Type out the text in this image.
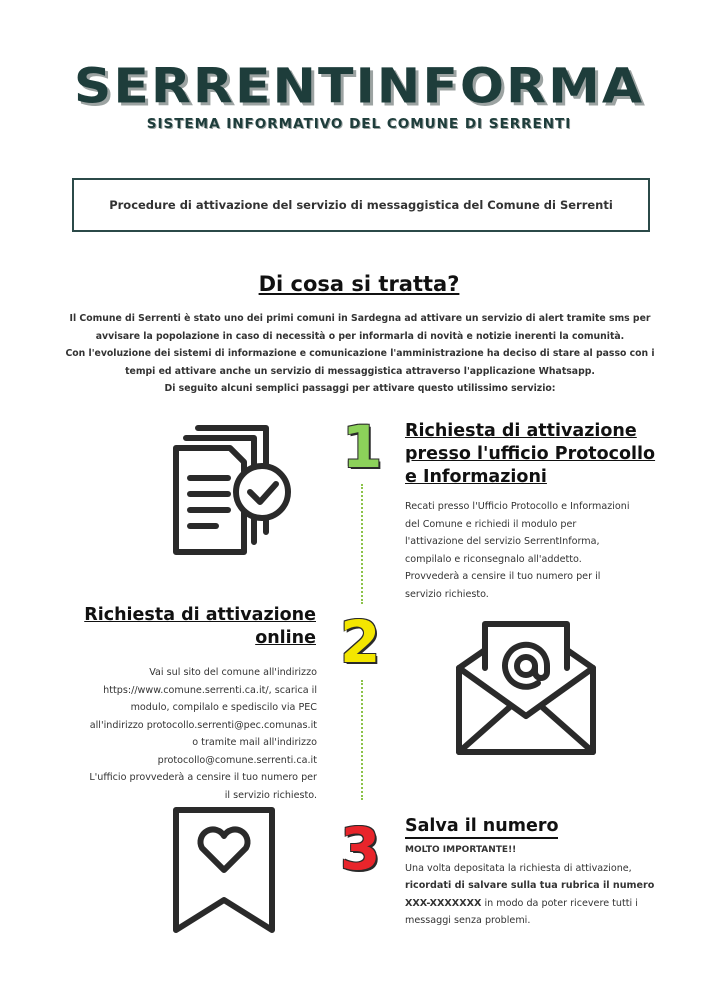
SERRENTINFORMA
SISTEMA INFORMATIVO DEL COMUNE DI SERRENTI
Procedure di attivazione del servizio di messaggistica del Comune di Serrenti
Di cosa si tratta?
Il Comune di Serrenti è stato uno dei primi comuni in Sardegna ad attivare un servizio di alert tramite sms per
avvisare la popolazione in caso di necessità o per informarla di novità e notizie inerenti la comunità.
Con l'evoluzione dei sistemi di informazione e comunicazione l'amministrazione ha deciso di stare al passo con i
tempi ed attivare anche un servizio di messaggistica attraverso l'applicazione Whatsapp.
Di seguito alcuni semplici passaggi per attivare questo utilissimo servizio:
1 Richiesta di attivazione
presso l'ufficio Protocollo
e Informazioni
Recati presso l'Ufficio Protocollo e Informazioni
del Comune e richiedi il modulo per
l'attivazione del servizio SerrentInforma,
compilalo e riconsegnalo all'addetto.
Provvederà a censire il tuo numero per il
servizio richiesto.
Richiesta di attivazione
online
Vai sul sito del comune all'indirizzo
https://www.comune.serrenti.ca.it/, scarica il
modulo, compilalo e spediscilo via PEC
all'indirizzo protocollo.serrenti@pec.comunas.it
o tramite mail all'indirizzo
protocollo@comune.serrenti.ca.it
L'ufficio provvederà a censire il tuo numero per
il servizio richiesto.
2
3 Salva il numero
MOLTO IMPORTANTE!!
Una volta depositata la richiesta di attivazione,
ricordati di salvare sulla tua rubrica il numero
XXX-XXXXXXX in modo da poter ricevere tutti i
messaggi senza problemi.
